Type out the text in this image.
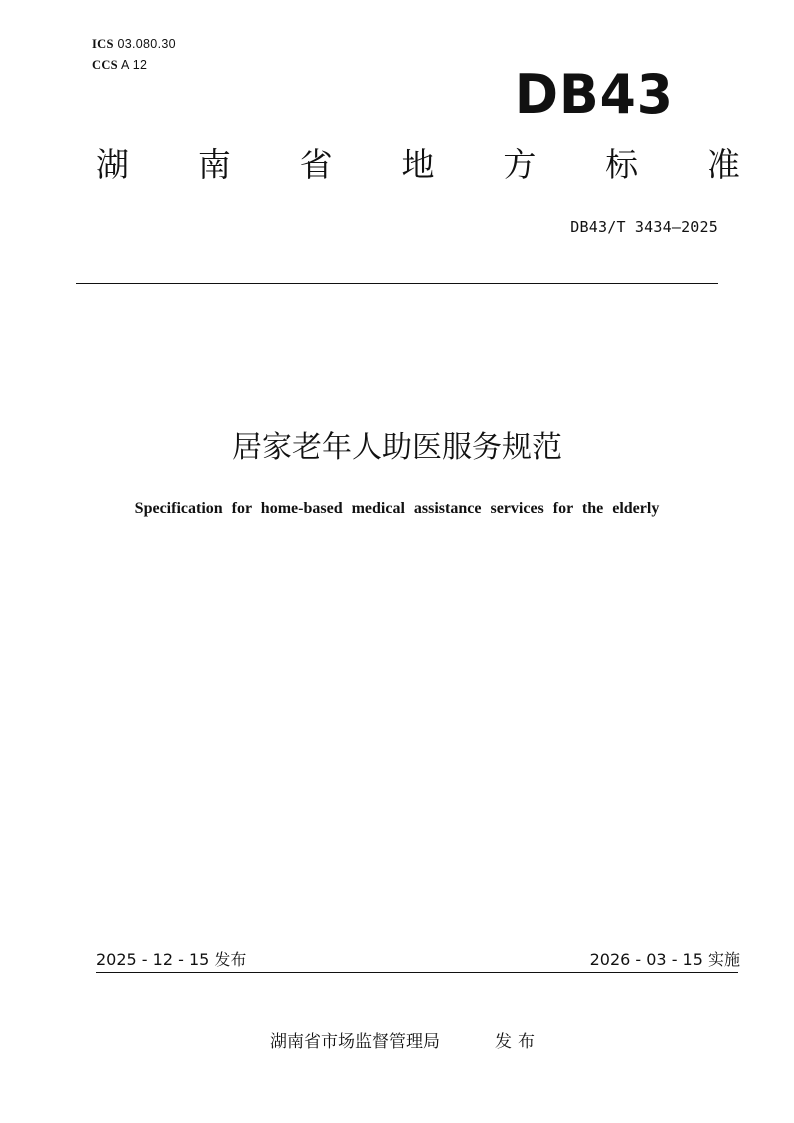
ICS 03.080.30
CCS A 12	DB43
湖 南 省 地 方 标 准
DB43/T 3434—2025
居家老年人助医服务规范
Specification for home-based medical assistance services for the elderly
2025 - 12 - 15 发布	2026 - 03 - 15 实施
湖南省市场监督管理局	发布
